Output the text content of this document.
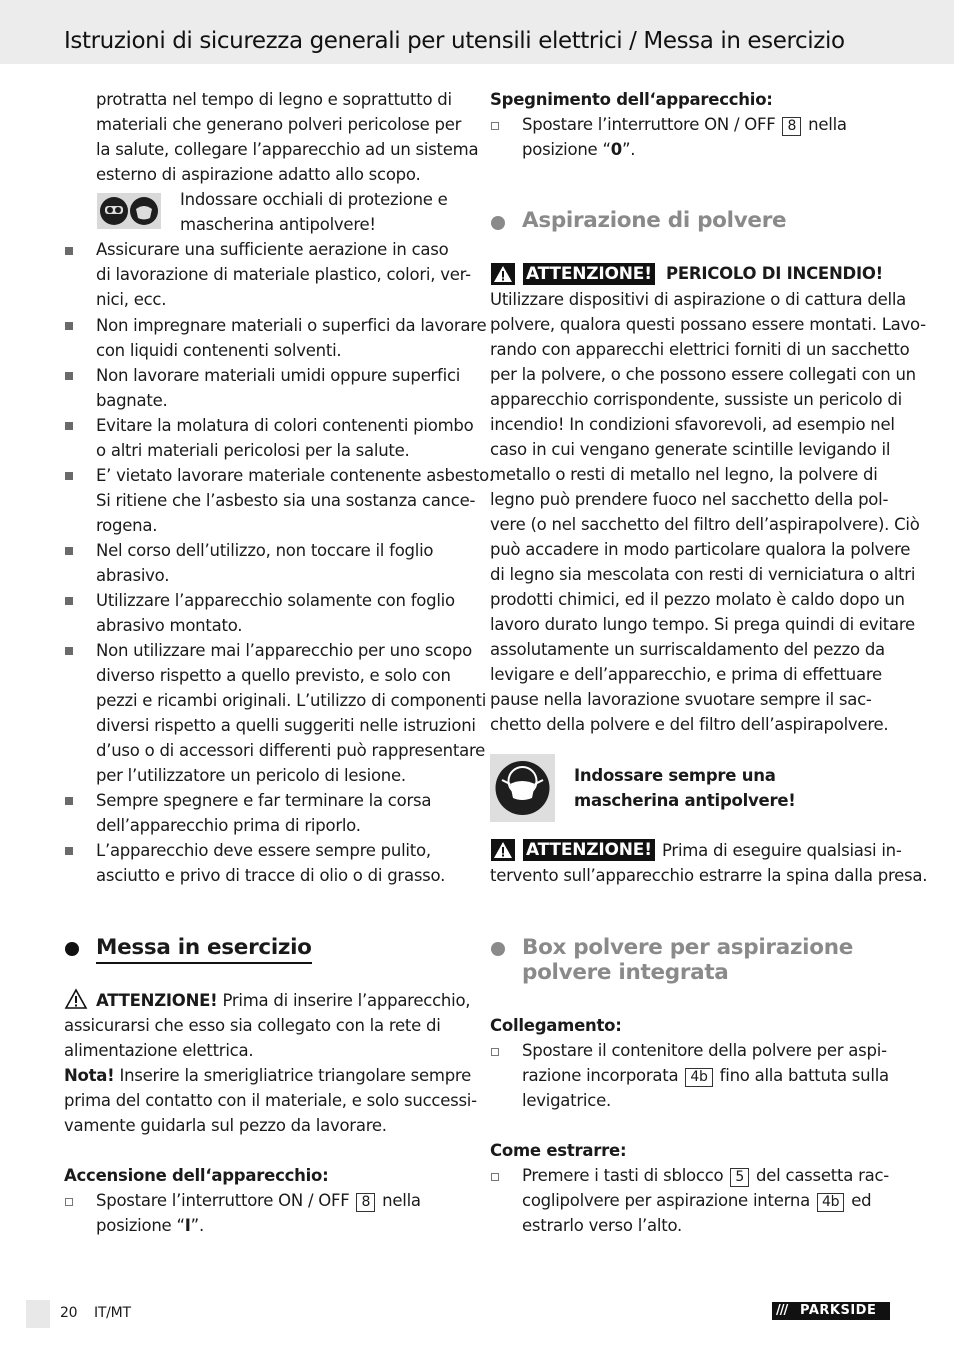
Istruzioni di sicurezza generali per utensili elettrici / Messa in esercizio
protratta nel tempo di legno e soprattutto di
materiali che generano polveri pericolose per
la salute, collegare l’apparecchio ad un sistema
esterno di aspirazione adatto allo scopo.
Indossare occhiali di protezione e
mascherina antipolvere!
Assicurare una sufficiente aerazione in caso
di lavorazione di materiale plastico, colori, ver-
nici, ecc.
Non impregnare materiali o superfici da lavorare
con liquidi contenenti solventi.
Non lavorare materiali umidi oppure superfici
bagnate.
Evitare la molatura di colori contenenti piombo
o altri materiali pericolosi per la salute.
E’ vietato lavorare materiale contenente asbesto.
Si ritiene che l’asbesto sia una sostanza cance-
rogena.
Nel corso dell’utilizzo, non toccare il foglio
abrasivo.
Utilizzare l’apparecchio solamente con foglio
abrasivo montato.
Non utilizzare mai l’apparecchio per uno scopo
diverso rispetto a quello previsto, e solo con
pezzi e ricambi originali. L’utilizzo di componenti
diversi rispetto a quelli suggeriti nelle istruzioni
d’uso o di accessori differenti può rappresentare
per l’utilizzatore un pericolo di lesione.
Sempre spegnere e far terminare la corsa
dell’apparecchio prima di riporlo.
L’apparecchio deve essere sempre pulito,
asciutto e privo di tracce di olio o di grasso.
Messa in esercizio
ATTENZIONE! Prima di inserire l’apparecchio,
assicurarsi che esso sia collegato con la rete di
alimentazione elettrica.
Nota! Inserire la smerigliatrice triangolare sempre
prima del contatto con il materiale, e solo successi-
vamente guidarla sul pezzo da lavorare.
Accensione dell‘apparecchio:
Spostare l’interruttore ON / OFF 8 nella
posizione “I”.
Spegnimento dell‘apparecchio:
Spostare l’interruttore ON / OFF 8 nella
posizione “0”.
Aspirazione di polvere
ATTENZIONE! PERICOLO DI INCENDIO!
Utilizzare dispositivi di aspirazione o di cattura della
polvere, qualora questi possano essere montati. Lavo-
rando con apparecchi elettrici forniti di un sacchetto
per la polvere, o che possono essere collegati con un
apparecchio corrispondente, sussiste un pericolo di
incendio! In condizioni sfavorevoli, ad esempio nel
caso in cui vengano generate scintille levigando il
metallo o resti di metallo nel legno, la polvere di
legno può prendere fuoco nel sacchetto della pol-
vere (o nel sacchetto del filtro dell’aspirapolvere). Ciò
può accadere in modo particolare qualora la polvere
di legno sia mescolata con resti di verniciatura o altri
prodotti chimici, ed il pezzo molato è caldo dopo un
lavoro durato lungo tempo. Si prega quindi di evitare
assolutamente un surriscaldamento del pezzo da
levigare e dell’apparecchio, e prima di effettuare
pause nella lavorazione svuotare sempre il sac-
chetto della polvere e del filtro dell’aspirapolvere.
Indossare sempre una
mascherina antipolvere!
ATTENZIONE! Prima di eseguire qualsiasi in-
tervento sull’apparecchio estrarre la spina dalla presa.
Box polvere per aspirazione
polvere integrata
Collegamento:
Spostare il contenitore della polvere per aspi-
razione incorporata 4b fino alla battuta sulla
levigatrice.
Come estrarre:
Premere i tasti di sblocco 5 del cassetta rac-
coglipolvere per aspirazione interna 4b ed
estrarlo verso l’alto.
20 IT/MT	/// PARKSIDE
